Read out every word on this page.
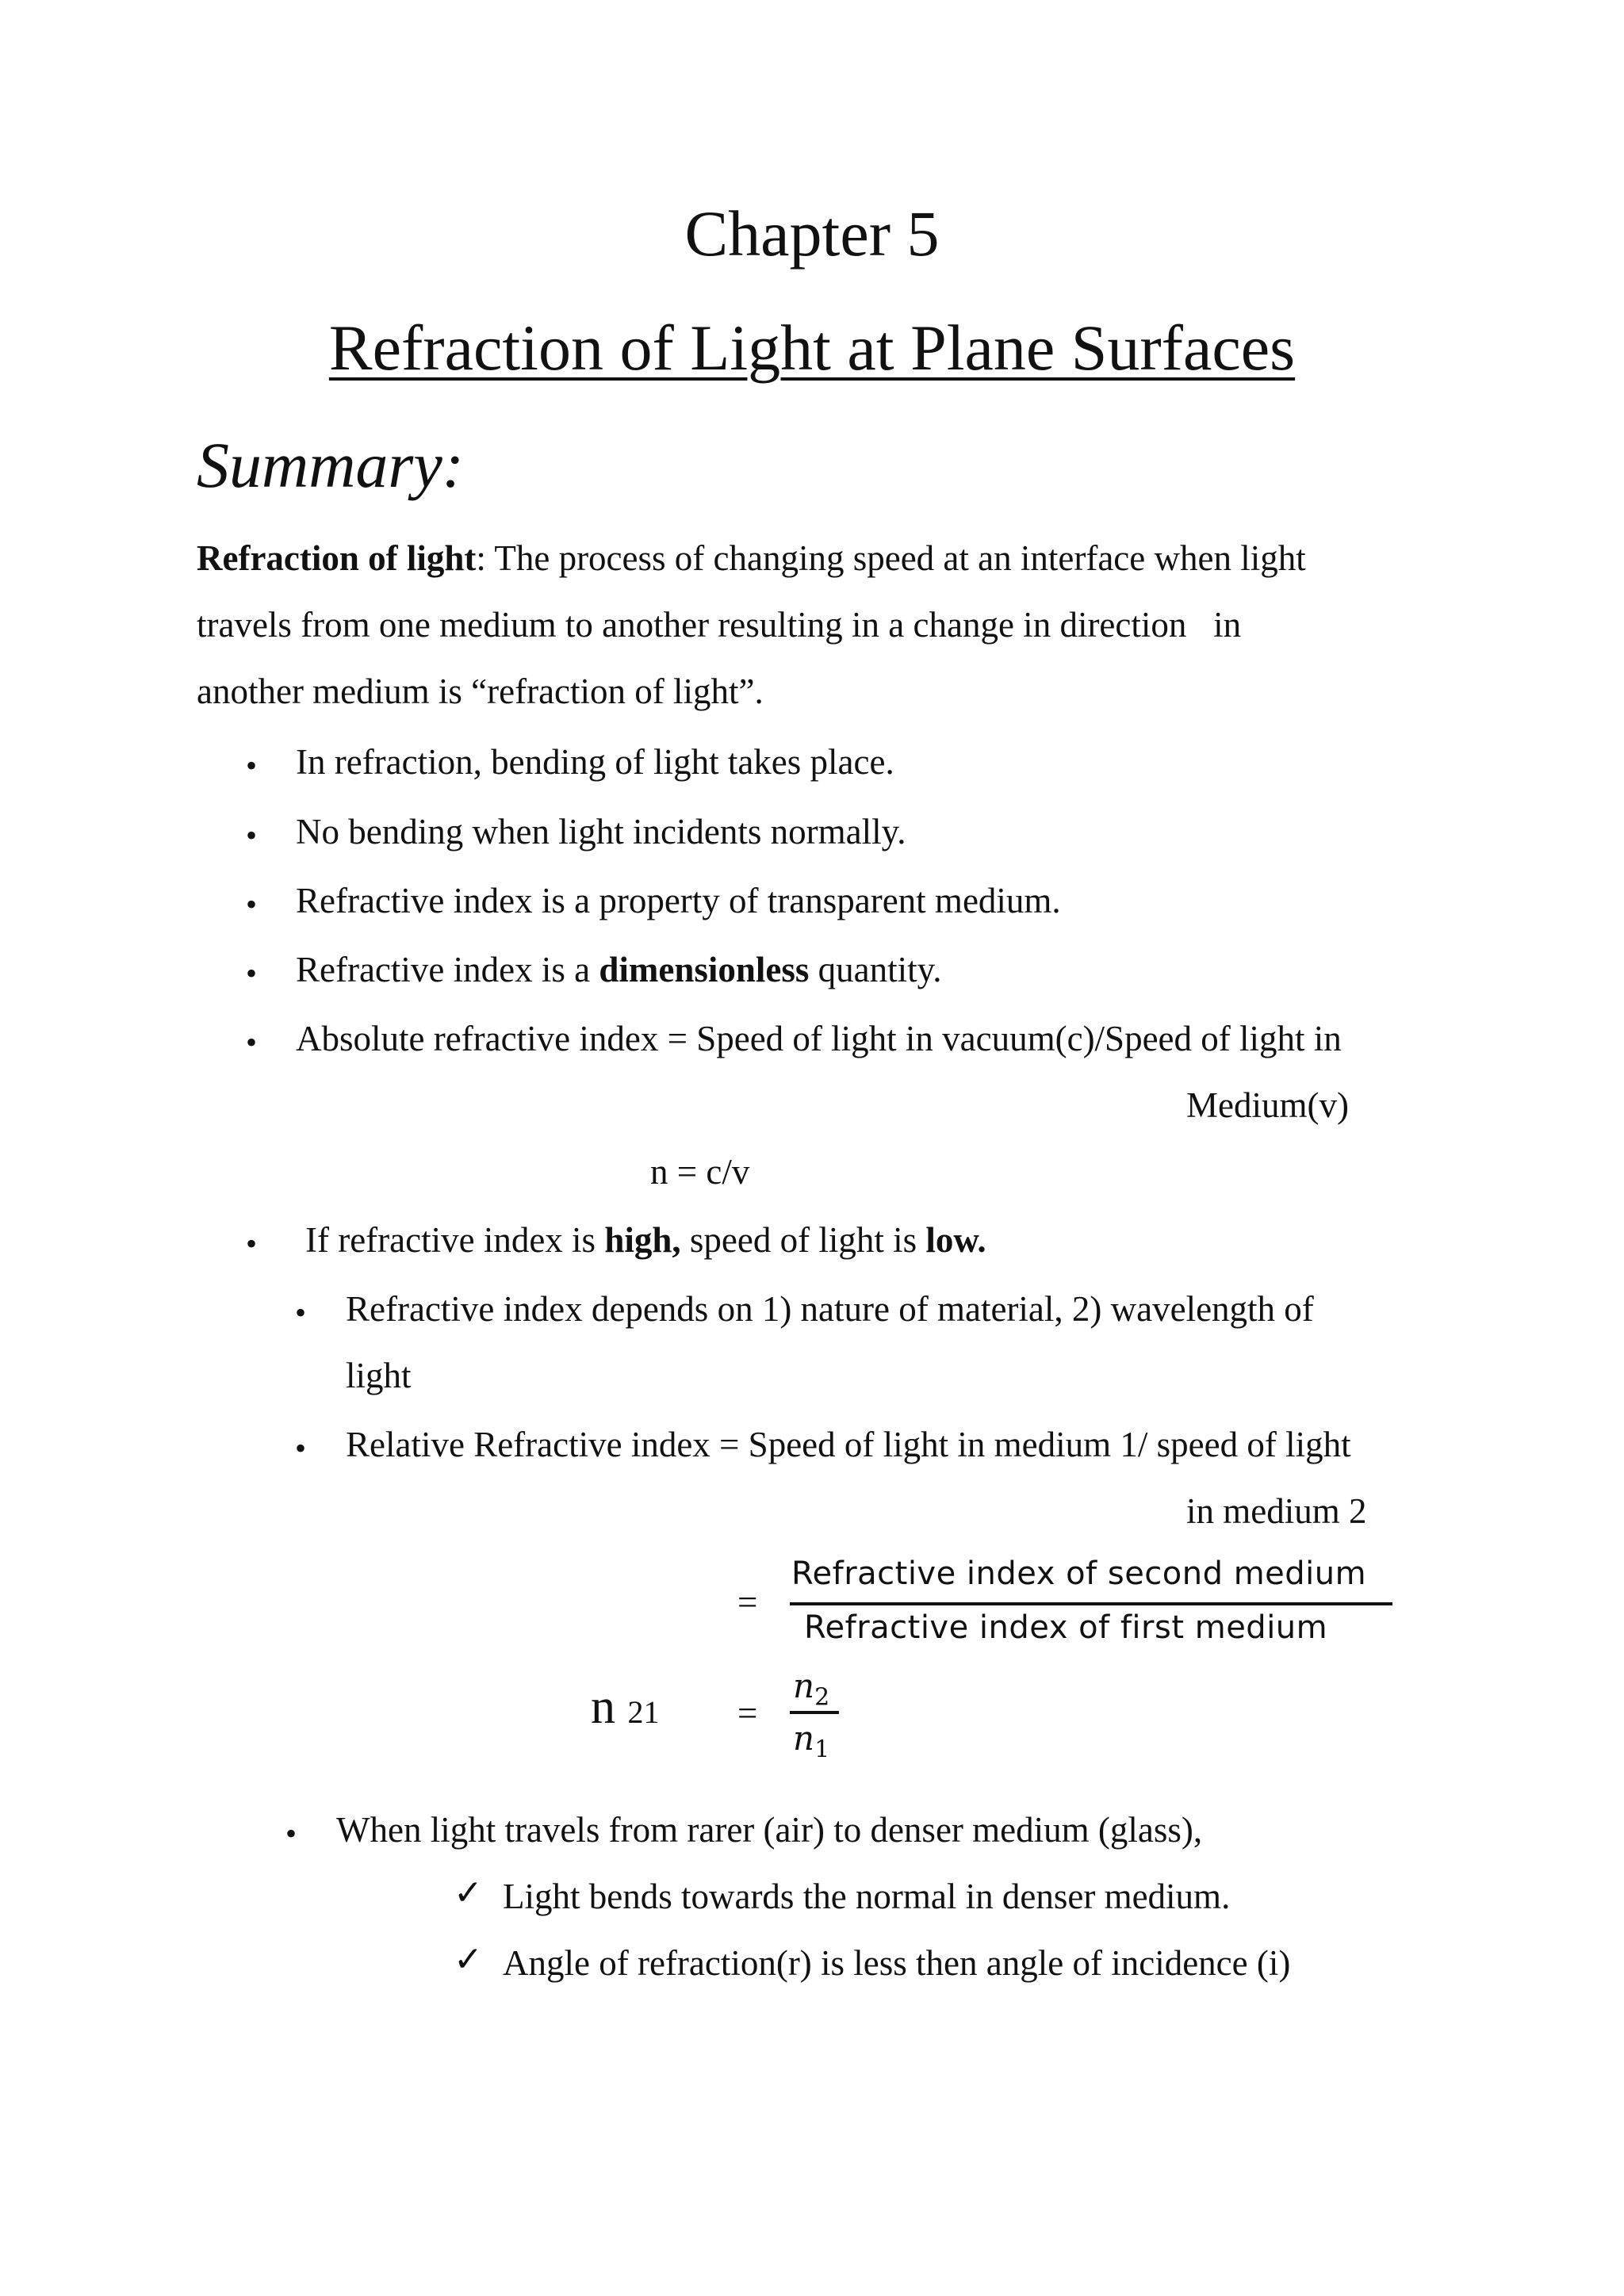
Chapter 5
Refraction of Light at Plane Surfaces
Summary:
Refraction of light: The process of changing speed at an interface when light
travels from one medium to another resulting in a change in direction   in
another medium is “refraction of light”.
• In refraction, bending of light takes place.
• No bending when light incidents normally.
• Refractive index is a property of transparent medium.
• Refractive index is a dimensionless quantity.
• Absolute refractive index = Speed of light in vacuum(c)/Speed of light in
Medium(v)
n = c/v
• If refractive index is high, speed of light is low.
• Refractive index depends on 1) nature of material, 2) wavelength of
light
• Relative Refractive index = Speed of light in medium 1/ speed of light
in medium 2
=
Refractive index of second medium
Refractive index of first medium
n 21 =
$n_2$
$n_1$
• When light travels from rarer (air) to denser medium (glass),
✓ Light bends towards the normal in denser medium.
✓ Angle of refraction(r) is less then angle of incidence (i)
